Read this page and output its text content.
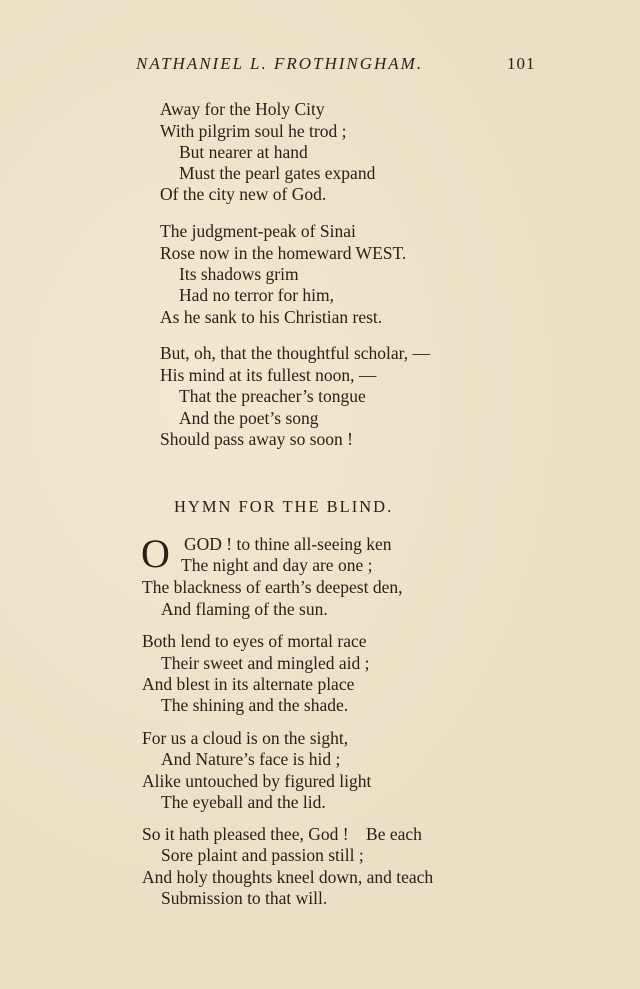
NATHANIEL L. FROTHINGHAM.	101
Away for the Holy City
With pilgrim soul he trod ;
But nearer at hand
Must the pearl gates expand
Of the city new of God.
The judgment-peak of Sinai
Rose now in the homeward WEST.
Its shadows grim
Had no terror for him,
As he sank to his Christian rest.
But, oh, that the thoughtful scholar, —
His mind at its fullest noon, —
That the preacher’s tongue
And the poet’s song
Should pass away so soon !
HYMN FOR THE BLIND.
O GOD ! to thine all-seeing ken
The night and day are one ;
The blackness of earth’s deepest den,
And flaming of the sun.
Both lend to eyes of mortal race
Their sweet and mingled aid ;
And blest in its alternate place
The shining and the shade.
For us a cloud is on the sight,
And Nature’s face is hid ;
Alike untouched by figured light
The eyeball and the lid.
So it hath pleased thee, God !    Be each
Sore plaint and passion still ;
And holy thoughts kneel down, and teach
Submission to that will.
